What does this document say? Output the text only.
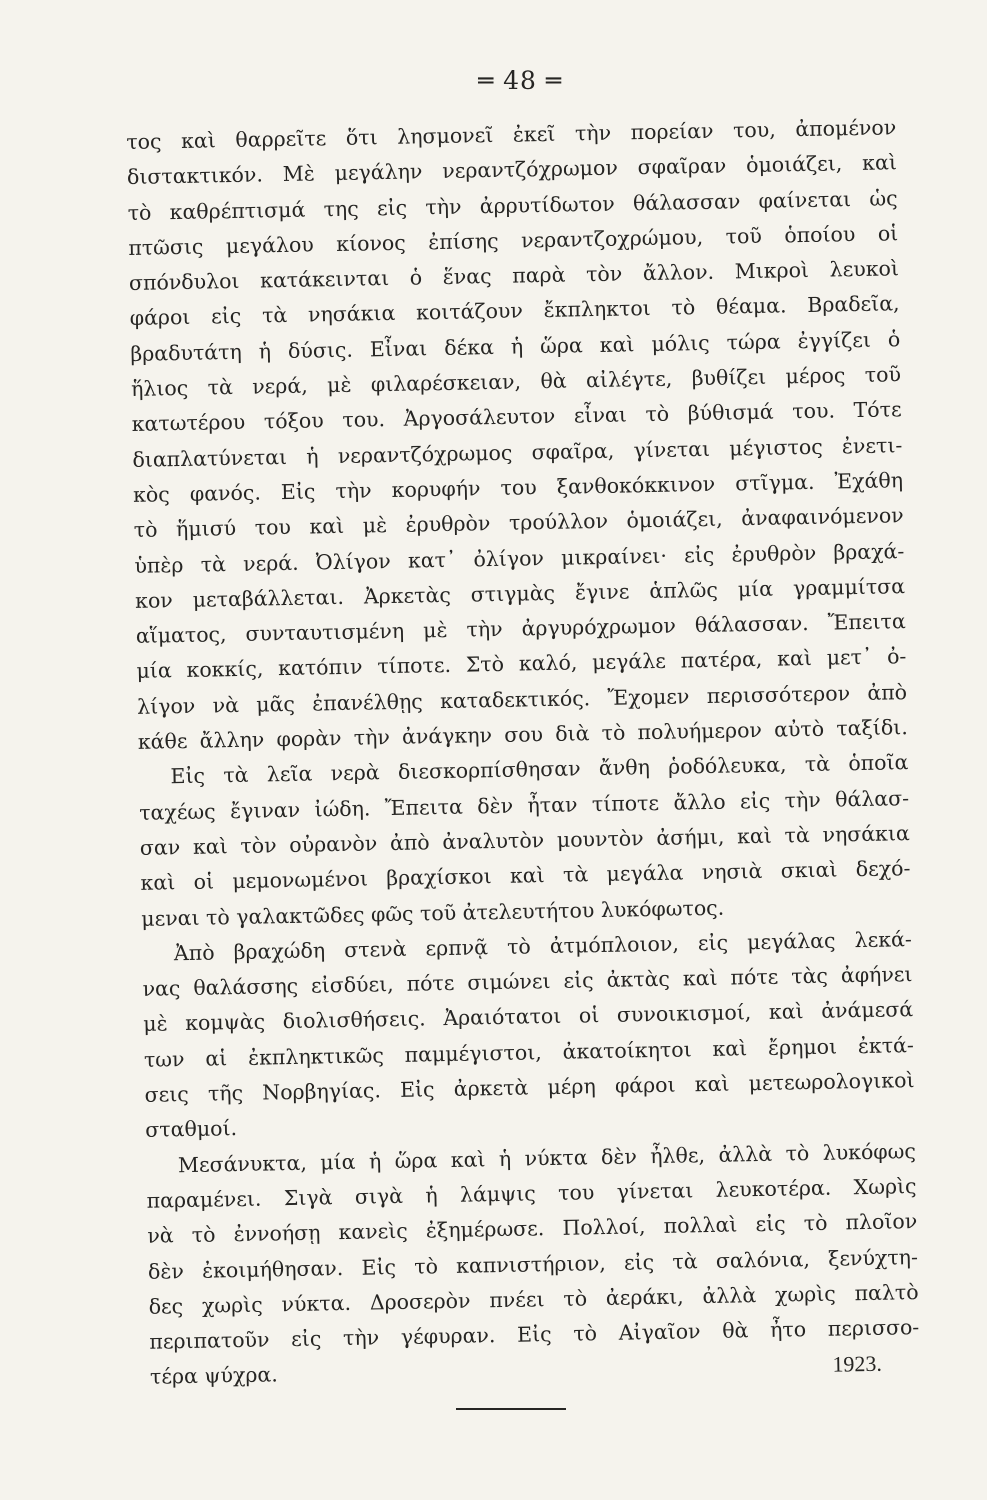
═ 48 ═
τος καὶ θαρρεῖτε ὅτι λησμονεῖ ἐκεῖ τὴν πορείαν του, ἀπομένον
διστακτικόν. Μὲ μεγάλην νεραντζόχρωμον σφαῖραν ὁμοιάζει, καὶ
τὸ καθρέπτισμά της εἰς τὴν ἀρρυτίδωτον θάλασσαν φαίνεται ὡς
πτῶσις μεγάλου κίονος ἐπίσης νεραντζοχρώμου, τοῦ ὁποίου οἱ
σπόνδυλοι κατάκεινται ὁ ἕνας παρὰ τὸν ἄλλον. Μικροὶ λευκοὶ
φάροι εἰς τὰ νησάκια κοιτάζουν ἔκπληκτοι τὸ θέαμα. Βραδεῖα,
βραδυτάτη ἡ δύσις. Εἶναι δέκα ἡ ὥρα καὶ μόλις τώρα ἐγγίζει ὁ
ἥλιος τὰ νερά, μὲ φιλαρέσκειαν, θὰ αἰλέγτε, βυθίζει μέρος τοῦ
κατωτέρου τόξου του. Ἀργοσάλευτον εἶναι τὸ βύθισμά του. Τότε
διαπλατύνεται ἡ νεραντζόχρωμος σφαῖρα, γίνεται μέγιστος ἐνετι-
κὸς φανός. Εἰς τὴν κορυφήν του ξανθοκόκκινον στῖγμα. Ἐχάθη
τὸ ἥμισύ του καὶ μὲ ἐρυθρὸν τρούλλον ὁμοιάζει, ἀναφαινόμενον
ὑπὲρ τὰ νερά. Ὀλίγον κατ᾽ ὀλίγον μικραίνει· εἰς ἐρυθρὸν βραχά-
κον μεταβάλλεται. Ἀρκετὰς στιγμὰς ἔγινε ἁπλῶς μία γραμμίτσα
αἵματος, συνταυτισμένη μὲ τὴν ἀργυρόχρωμον θάλασσαν. Ἔπειτα
μία κοκκίς, κατόπιν τίποτε. Στὸ καλό, μεγάλε πατέρα, καὶ μετ᾽ ὀ-
λίγον νὰ μᾶς ἐπανέλθῃς καταδεκτικός. Ἔχομεν περισσότερον ἀπὸ
κάθε ἄλλην φορὰν τὴν ἀνάγκην σου διὰ τὸ πολυήμερον αὐτὸ ταξίδι.
Εἰς τὰ λεῖα νερὰ διεσκορπίσθησαν ἄνθη ῥοδόλευκα, τὰ ὁποῖα
ταχέως ἔγιναν ἰώδη. Ἔπειτα δὲν ἦταν τίποτε ἄλλο εἰς τὴν θάλασ-
σαν καὶ τὸν οὐρανὸν ἀπὸ ἀναλυτὸν μουντὸν ἀσήμι, καὶ τὰ νησάκια
καὶ οἱ μεμονωμένοι βραχίσκοι καὶ τὰ μεγάλα νησιὰ σκιαὶ δεχό-
μεναι τὸ γαλακτῶδες φῶς τοῦ ἀτελευτήτου λυκόφωτος.
Ἀπὸ βραχώδη στενὰ ερπνᾷ τὸ ἀτμόπλοιον, εἰς μεγάλας λεκά-
νας θαλάσσης εἰσδύει, πότε σιμώνει εἰς ἀκτὰς καὶ πότε τὰς ἀφήνει
μὲ κομψὰς διολισθήσεις. Ἀραιότατοι οἱ συνοικισμοί, καὶ ἀνάμεσά
των αἱ ἐκπληκτικῶς παμμέγιστοι, ἀκατοίκητοι καὶ ἔρημοι ἐκτά-
σεις τῆς Νορβηγίας. Εἰς ἀρκετὰ μέρη φάροι καὶ μετεωρολογικοὶ
σταθμοί.
Μεσάνυκτα, μία ἡ ὥρα καὶ ἡ νύκτα δὲν ἦλθε, ἀλλὰ τὸ λυκόφως
παραμένει. Σιγὰ σιγὰ ἡ λάμψις του γίνεται λευκοτέρα. Χωρὶς
νὰ τὸ ἐννοήσῃ κανεὶς ἐξημέρωσε. Πολλοί, πολλαὶ εἰς τὸ πλοῖον
δὲν ἐκοιμήθησαν. Εἰς τὸ καπνιστήριον, εἰς τὰ σαλόνια, ξενύχτη-
δες χωρὶς νύκτα. Δροσερὸν πνέει τὸ ἀεράκι, ἀλλὰ χωρὶς παλτὸ
περιπατοῦν εἰς τὴν γέφυραν. Εἰς τὸ Αἰγαῖον θὰ ἦτο περισσο-
τέρα ψύχρα.	1923.
